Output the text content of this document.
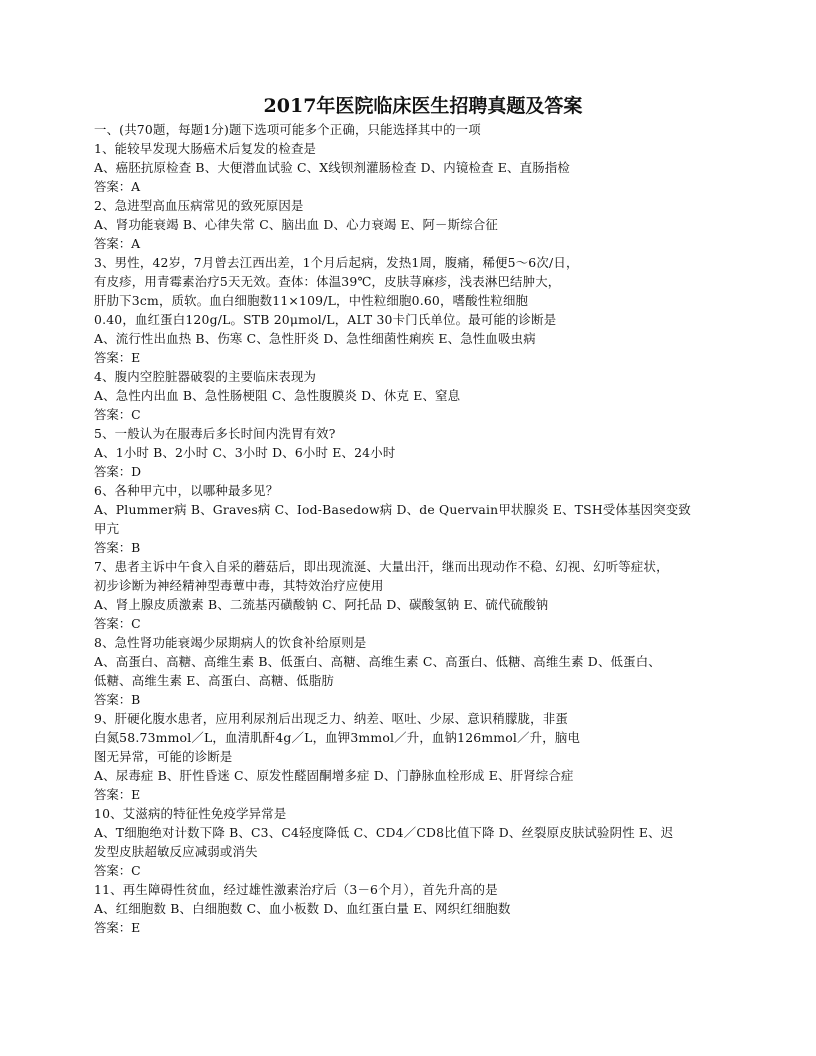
2017年医院临床医生招聘真题及答案

一、(共70题，每题1分)题下选项可能多个正确，只能选择其中的一项

1、能较早发现大肠癌术后复发的检查是

A、癌胚抗原检查 B、大便潜血试验 C、X线钡剂灌肠检查 D、内镜检查 E、直肠指检

答案：A

2、急进型高血压病常见的致死原因是

A、肾功能衰竭 B、心律失常 C、脑出血 D、心力衰竭 E、阿－斯综合征

答案：A

3、男性，42岁，7月曾去江西出差，1个月后起病，发热1周，腹痛，稀便5～6次/日，

有皮疹，用青霉素治疗5天无效。查体：体温39℃，皮肤荨麻疹，浅表淋巴结肿大，

肝肋下3cm，质软。血白细胞数11×109/L，中性粒细胞0.60，嗜酸性粒细胞

0.40，血红蛋白120g/L。STB 20μmol/L，ALT 30卡门氏单位。最可能的诊断是

A、流行性出血热 B、伤寒 C、急性肝炎 D、急性细菌性痢疾 E、急性血吸虫病

答案：E

4、腹内空腔脏器破裂的主要临床表现为

A、急性内出血 B、急性肠梗阻 C、急性腹膜炎 D、休克 E、窒息

答案：C

5、一般认为在服毒后多长时间内洗胃有效?

A、1小时 B、2小时 C、3小时 D、6小时 E、24小时

答案：D

6、各种甲亢中，以哪种最多见？

A、Plummer病 B、Graves病 C、Iod-Basedow病 D、de Quervain甲状腺炎 E、TSH受体基因突变致

甲亢

答案：B

7、患者主诉中午食入自采的蘑菇后，即出现流涎、大量出汗，继而出现动作不稳、幻视、幻听等症状，

初步诊断为神经精神型毒蕈中毒，其特效治疗应使用

A、肾上腺皮质激素 B、二巯基丙磺酸钠 C、阿托品 D、碳酸氢钠 E、硫代硫酸钠

答案：C

8、急性肾功能衰竭少尿期病人的饮食补给原则是

A、高蛋白、高糖、高维生素 B、低蛋白、高糖、高维生素 C、高蛋白、低糖、高维生素 D、低蛋白、

低糖、高维生素 E、高蛋白、高糖、低脂肪

答案：B

9、肝硬化腹水患者，应用利尿剂后出现乏力、纳差、呕吐、少尿、意识稍朦胧，非蛋

白氮58.73mmol／L，血清肌酐4g／L，血钾3mmol／升，血钠126mmol／升，脑电

图无异常，可能的诊断是

A、尿毒症 B、肝性昏迷 C、原发性醛固酮增多症 D、门静脉血栓形成 E、肝肾综合症

答案：E

10、艾滋病的特征性免疫学异常是

A、T细胞绝对计数下降 B、C3、C4轻度降低 C、CD4／CD8比值下降 D、丝裂原皮肤试验阴性 E、迟

发型皮肤超敏反应减弱或消失

答案：C

11、再生障碍性贫血，经过雄性激素治疗后（3－6个月），首先升高的是

A、红细胞数 B、白细胞数 C、血小板数 D、血红蛋白量 E、网织红细胞数

答案：E
